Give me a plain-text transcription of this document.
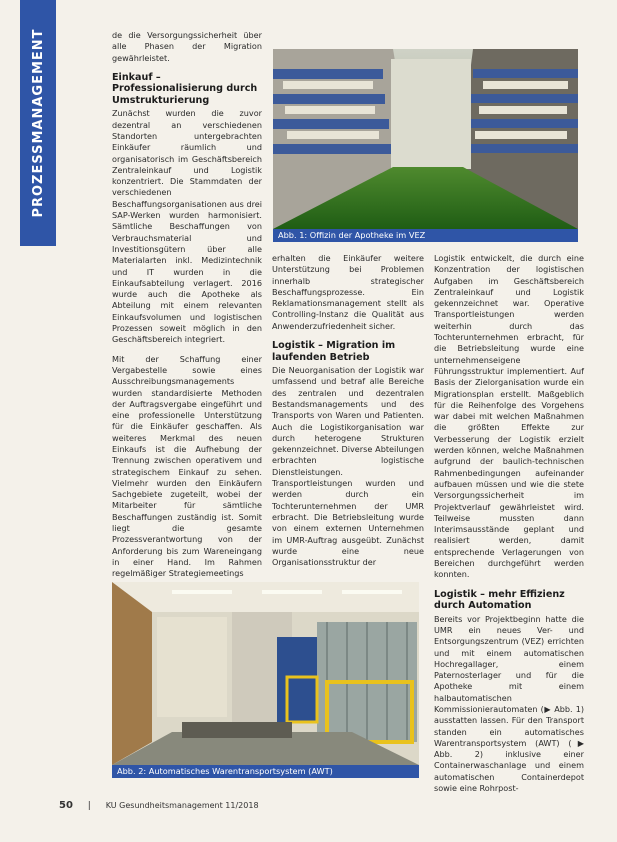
PROZESSMANAGEMENT	de die Versorgungssicherheit über alle Phasen der Migration gewährleistet.

Einkauf – Professionalisierung durch Umstrukturierung

Zunächst wurden die zuvor dezentral an verschiedenen Standorten untergebrachten Einkäufer räumlich und organisatorisch im Geschäftsbereich Zentraleinkauf und Logistik konzentriert. Die Stammdaten der verschiedenen Beschaffungsorganisationen aus drei SAP-Werken wurden harmonisiert. Sämtliche Beschaffungen von Verbrauchsmaterial und Investitionsgütern über alle Materialarten inkl. Medizintechnik und IT wurden in die Einkaufsabteilung verlagert. 2016 wurde auch die Apotheke als Abteilung mit einem relevanten Einkaufsvolumen und logistischen Prozessen soweit möglich in den Geschäftsbereich integriert.

Mit der Schaffung einer Vergabestelle sowie eines Ausschreibungsmanagements wurden standardisierte Methoden der Auftragsvergabe eingeführt und eine professionelle Unterstützung für die Einkäufer geschaffen. Als weiteres Merkmal des neuen Einkaufs ist die Aufhebung der Trennung zwischen operativem und strategischem Einkauf zu sehen. Vielmehr wurden den Einkäufern Sachgebiete zugeteilt, wobei der Mitarbeiter für sämtliche Beschaffungen zuständig ist. Somit liegt die gesamte Prozessverantwortung von der Anforderung bis zum Wareneingang in einer Hand. Im Rahmen regelmäßiger Strategiemeetings

Abb. 1: Offizin der Apotheke im VEZ

erhalten die Einkäufer weitere Unterstützung bei Problemen innerhalb strategischer Beschaffungsprozesse. Ein Reklamationsmanagement stellt als Controlling-Instanz die Qualität aus Anwenderzufriedenheit sicher.

Logistik – Migration im laufenden Betrieb

Die Neuorganisation der Logistik war umfassend und betraf alle Bereiche des zentralen und dezentralen Bestandsmanagements und des Transports von Waren und Patienten. Auch die Logistikorganisation war durch heterogene Strukturen gekennzeichnet. Diverse Abteilungen erbrachten logistische Dienstleistungen. Transportleistungen wurden und werden durch ein Tochterunternehmen der UMR erbracht. Die Betriebsleitung wurde von einem externen Unternehmen im UMR-Auftrag ausgeübt. Zunächst wurde eine neue Organisationsstruktur der

Logistik entwickelt, die durch eine Konzentration der logistischen Aufgaben im Geschäftsbereich Zentraleinkauf und Logistik gekennzeichnet war. Operative Transportleistungen werden weiterhin durch das Tochterunternehmen erbracht, für die Betriebsleitung wurde eine unternehmenseigene Führungsstruktur implementiert. Auf Basis der Zielorganisation wurde ein Migrationsplan erstellt. Maßgeblich für die Reihenfolge des Vorgehens war dabei mit welchen Maßnahmen die größten Effekte zur Verbesserung der Logistik erzielt werden können, welche Maßnahmen aufgrund der baulich-technischen Rahmenbedingungen aufeinander aufbauen müssen und wie die stete Versorgungssicherheit im Projektverlauf gewährleistet wird. Teilweise mussten dann Interimsausstände geplant und realisiert werden, damit entsprechende Verlagerungen von Bereichen durchgeführt werden konnten.

Logistik – mehr Effizienz durch Automation

Bereits vor Projektbeginn hatte die UMR ein neues Ver- und Entsorgungszentrum (VEZ) errichten und mit einem automatischen Hochregallager, einem Paternosterlager und für die Apotheke mit einem halbautomatischen Kommissionierautomaten (▶ Abb. 1) ausstatten lassen. Für den Transport standen ein automatisches Warentransportsystem (AWT) (▶ Abb. 2) inklusive einer Containerwaschanlage und einem automatischen Containerdepot sowie eine Rohrpost-

Abb. 2: Automatisches Warentransportsystem (AWT)
50 | KU Gesundheitsmanagement 11/2018
